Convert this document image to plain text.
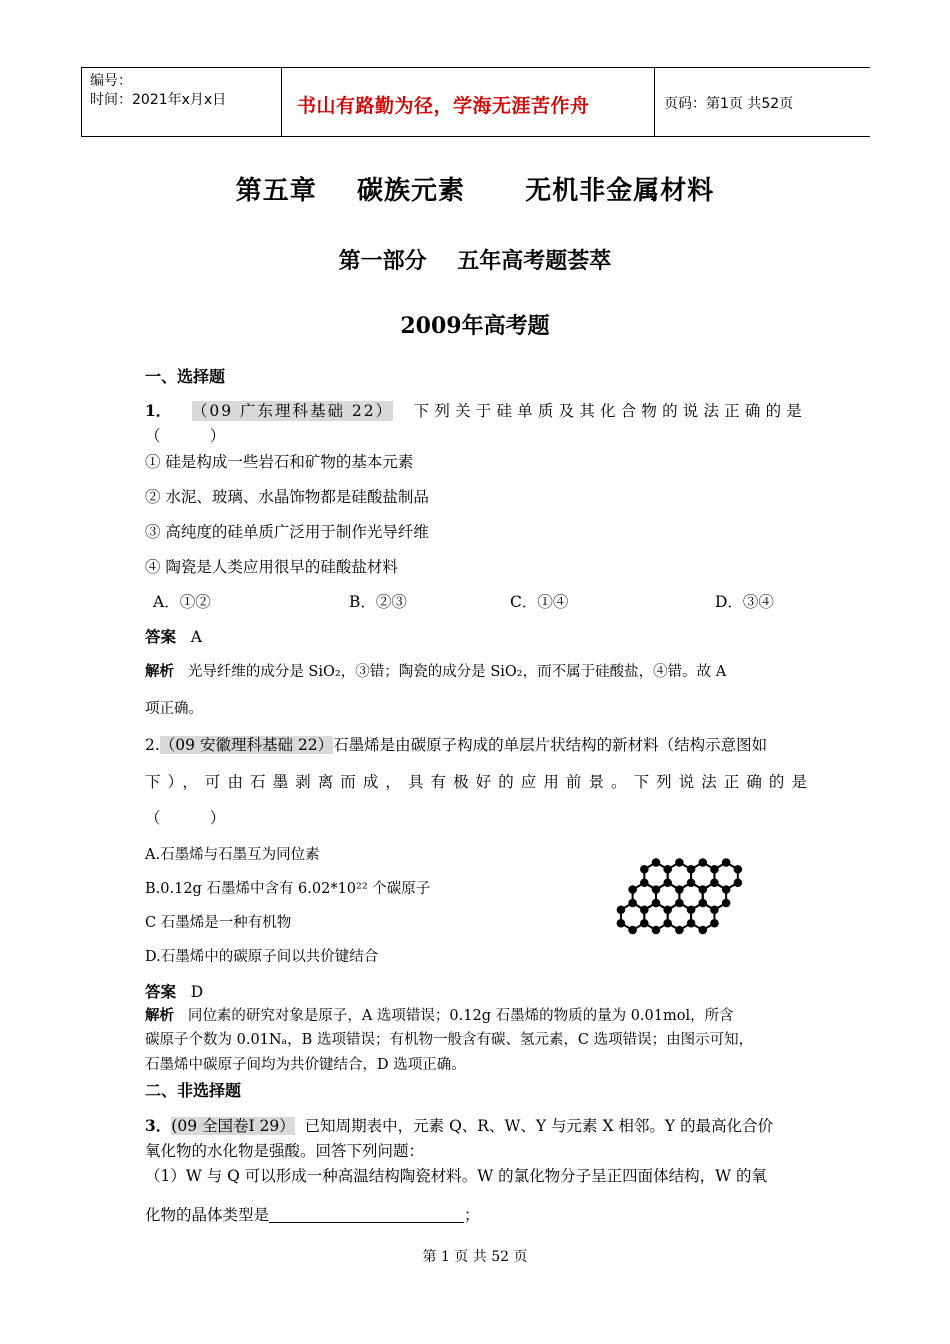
编号：
时间：2021年x月x日	书山有路勤为径，学海无涯苦作舟	页码：第1页 共52页
第五章    碳族元素      无机非金属材料
第一部分    五年高考题荟萃
2009年高考题
一、选择题
1． （09 广东理科基础 22） 下列关于硅单质及其化合物的说法正确的是
（          ）
① 硅是构成一些岩石和矿物的基本元素
② 水泥、玻璃、水晶饰物都是硅酸盐制品
③ 高纯度的硅单质广泛用于制作光导纤维
④ 陶瓷是人类应用很早的硅酸盐材料
A．①②	B．②③	C．①④	D．③④
答案 A
解析 光导纤维的成分是 SiO₂，③错；陶瓷的成分是 SiO₂，而不属于硅酸盐，④错。故 A
项正确。
2.（09 安徽理科基础 22）石墨烯是由碳原子构成的单层片状结构的新材料（结构示意图如
下），可由石墨剥离而成，具有极好的应用前景。下列说法正确的是
（          ）
A.石墨烯与石墨互为同位素
B.0.12g 石墨烯中含有 6.02*10²² 个碳原子
C 石墨烯是一种有机物
D.石墨烯中的碳原子间以共价键结合
答案 D
解析 同位素的研究对象是原子，A 选项错误；0.12g 石墨烯的物质的量为 0.01mol，所含
碳原子个数为 0.01Nₐ，B 选项错误；有机物一般含有碳、氢元素，C 选项错误；由图示可知，
石墨烯中碳原子间均为共价键结合，D 选项正确。
二、非选择题
3．(09 全国卷Ⅰ 29） 已知周期表中，元素 Q、R、W、Y 与元素 X 相邻。Y 的最高化合价
氧化物的水化物是强酸。回答下列问题：
（1）W 与 Q 可以形成一种高温结构陶瓷材料。W 的氯化物分子呈正四面体结构，W 的氧
化物的晶体类型是	；
第 1 页 共 52 页
